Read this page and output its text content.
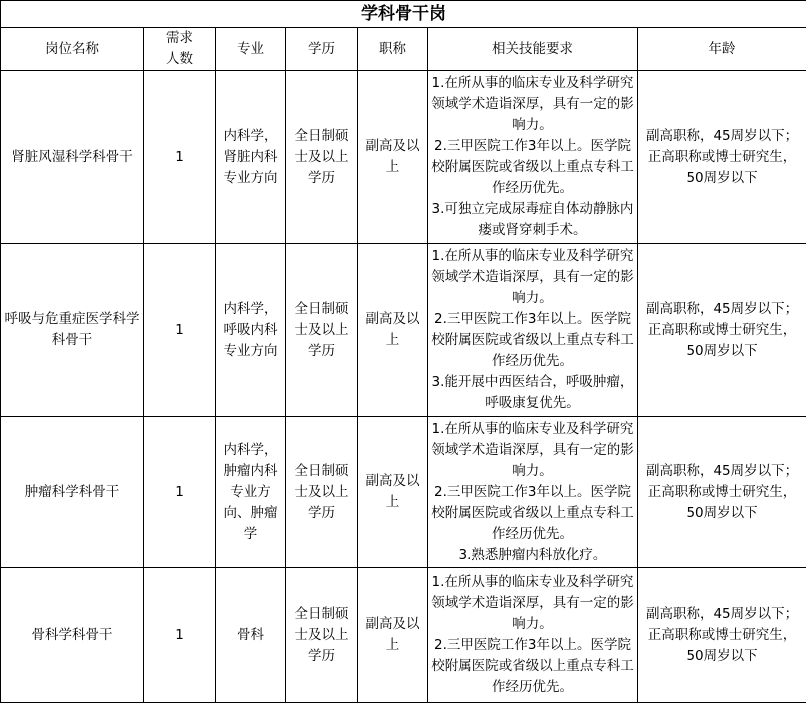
学科骨干岗						
岗位名称	需求人数	专业	学历	职称	相关技能要求	年龄
肾脏风湿科学科骨干	1	内科学，肾脏内科专业方向	全日制硕士及以上学历	副高及以上	1.在所从事的临床专业及科学研究领域学术造诣深厚，具有一定的影响力。
2.三甲医院工作3年以上。医学院校附属医院或省级以上重点专科工作经历优先。
3.可独立完成尿毒症自体动静脉内瘘或肾穿刺手术。	副高职称，45周岁以下；正高职称或博士研究生，50周岁以下
呼吸与危重症医学科学科骨干	1	内科学，呼吸内科专业方向	全日制硕士及以上学历	副高及以上	1.在所从事的临床专业及科学研究领域学术造诣深厚，具有一定的影响力。
2.三甲医院工作3年以上。医学院校附属医院或省级以上重点专科工作经历优先。
3.能开展中西医结合，呼吸肿瘤，呼吸康复优先。	副高职称，45周岁以下；正高职称或博士研究生，50周岁以下
肿瘤科学科骨干	1	内科学，肿瘤内科专业方向、肿瘤学	全日制硕士及以上学历	副高及以上	1.在所从事的临床专业及科学研究领域学术造诣深厚，具有一定的影响力。
2.三甲医院工作3年以上。医学院校附属医院或省级以上重点专科工作经历优先。
3.熟悉肿瘤内科放化疗。	副高职称，45周岁以下；正高职称或博士研究生，50周岁以下
骨科学科骨干	1	骨科	全日制硕士及以上学历	副高及以上	1.在所从事的临床专业及科学研究领域学术造诣深厚，具有一定的影响力。
2.三甲医院工作3年以上。医学院校附属医院或省级以上重点专科工作经历优先。	副高职称，45周岁以下；正高职称或博士研究生，50周岁以下
